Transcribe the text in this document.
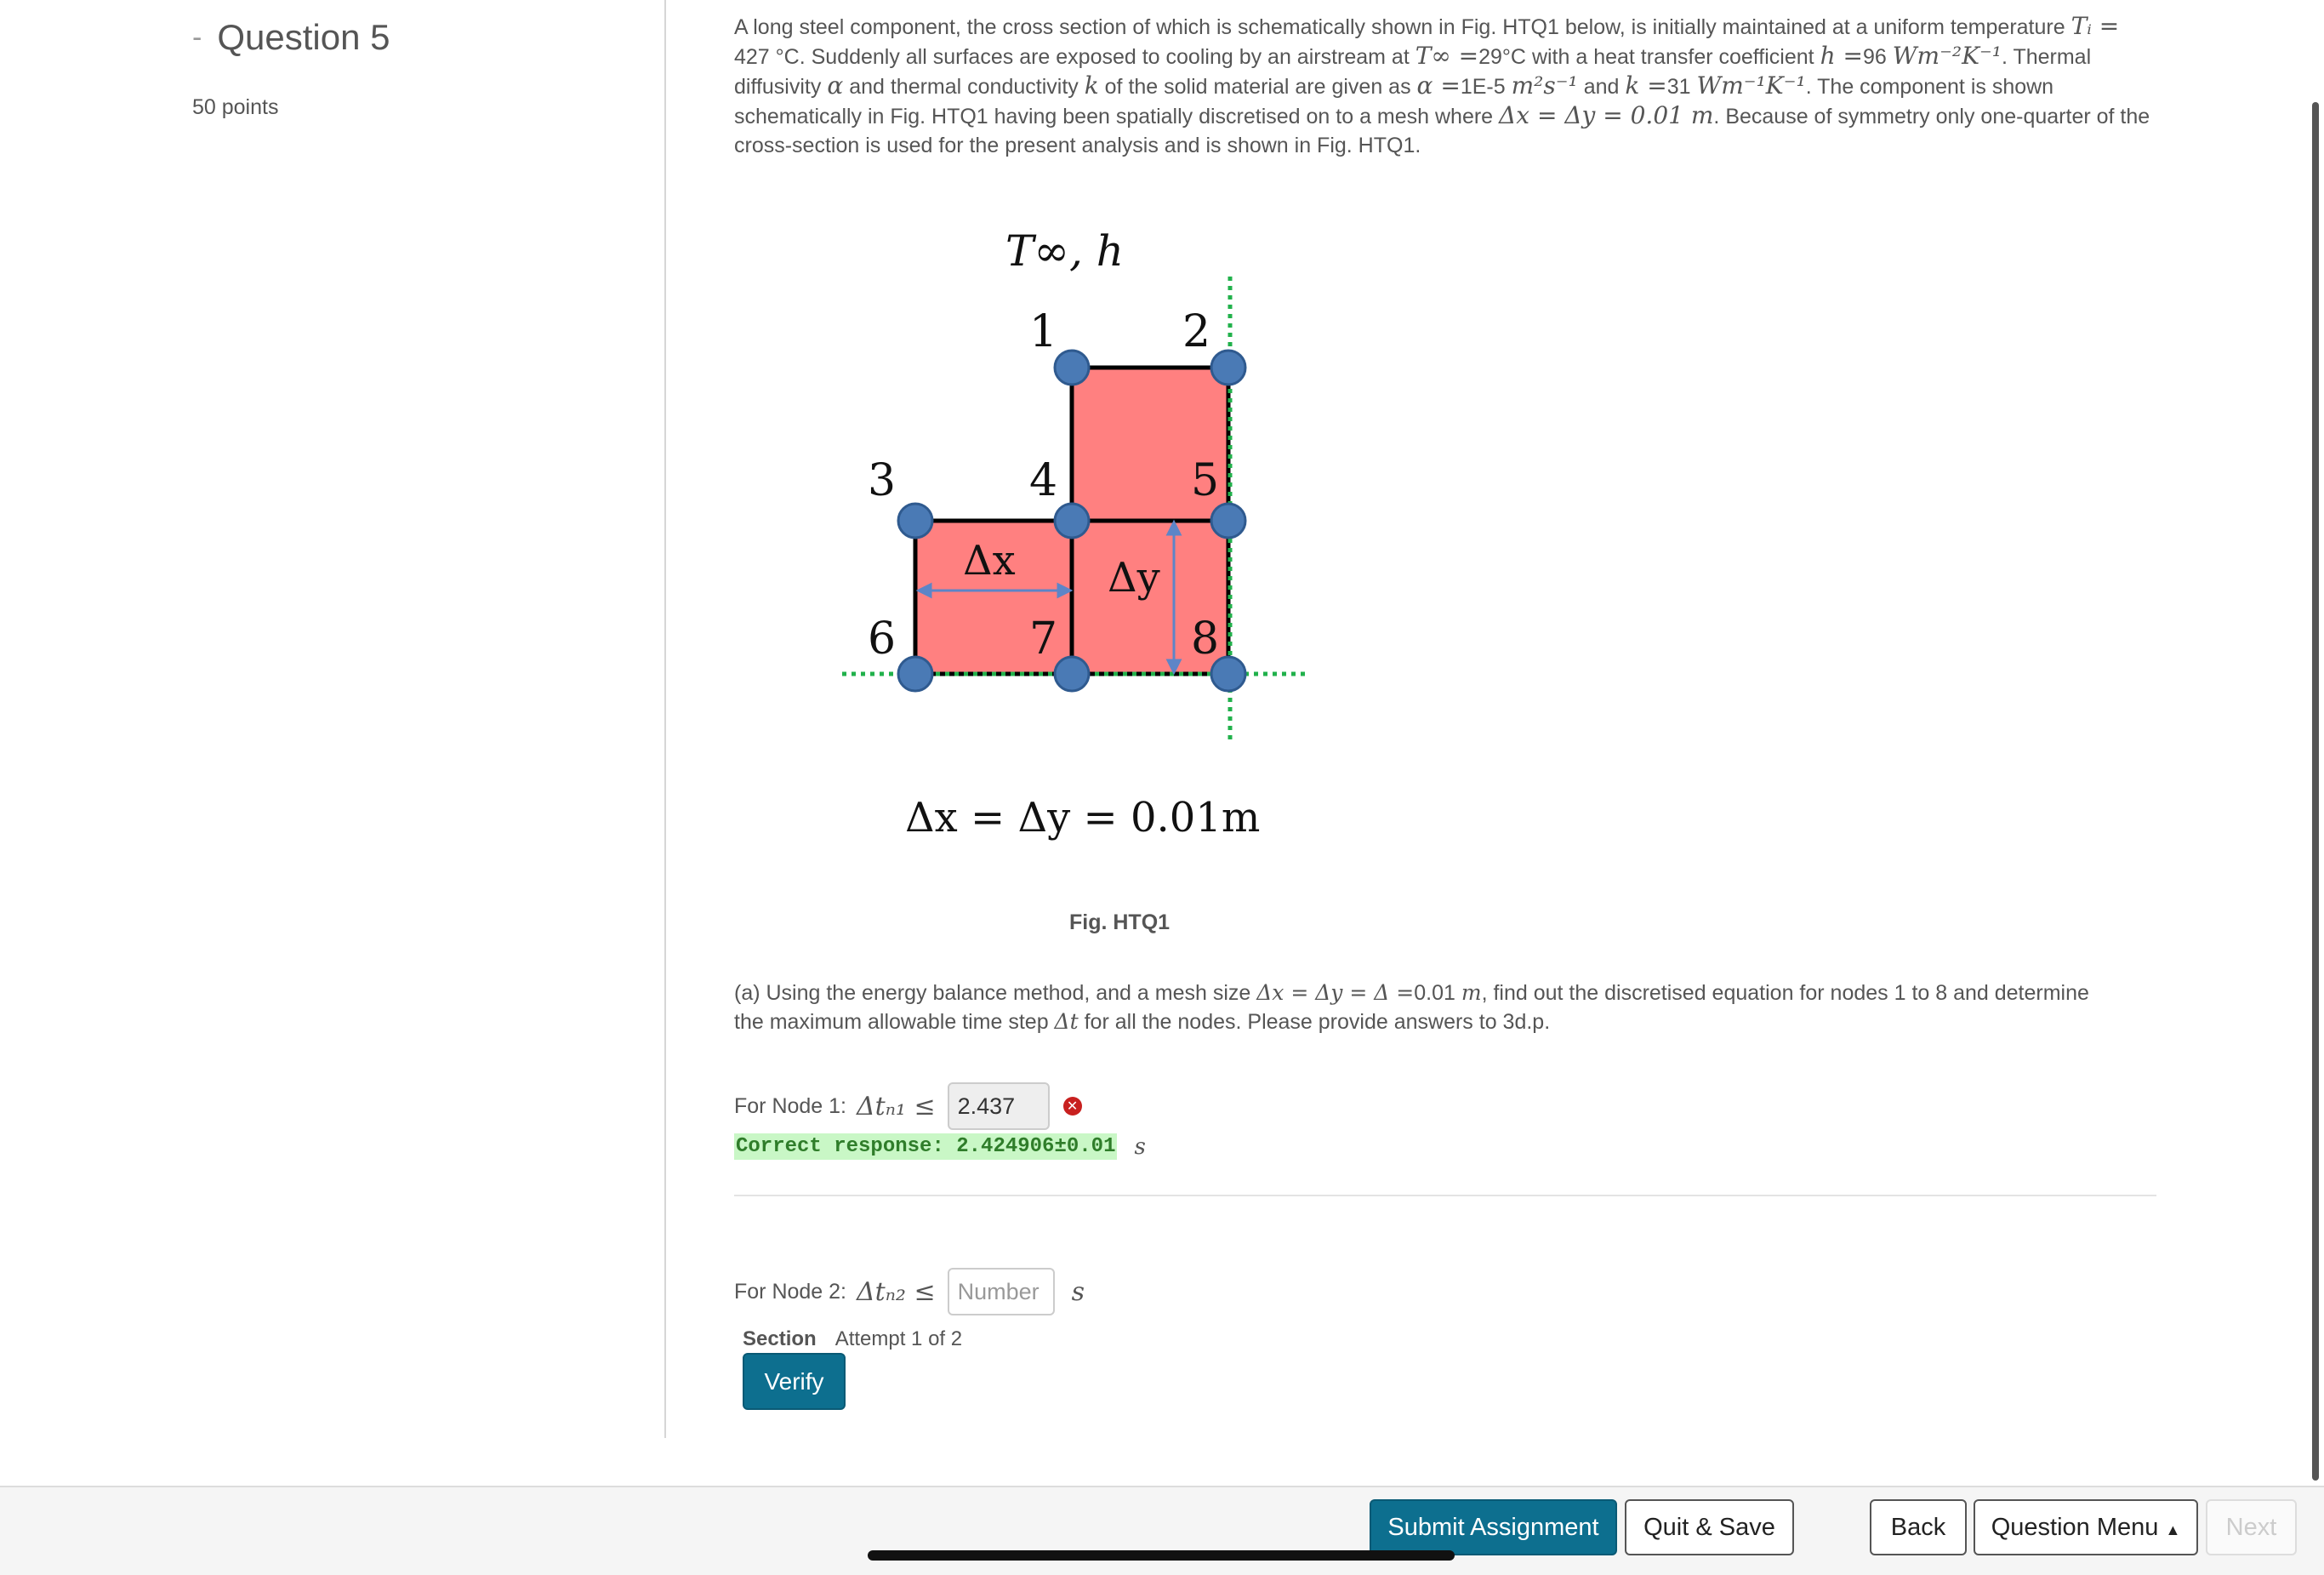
- Question 5
50 points
A long steel component, the cross section of which is schematically shown in Fig. HTQ1 below, is initially maintained at a uniform temperature Tᵢ = 427 °C. Suddenly all surfaces are exposed to cooling by an airstream at T∞ =29°C with a heat transfer coefficient h =96 Wm⁻²K⁻¹. Thermal diffusivity α and thermal conductivity k of the solid material are given as α =1E-5 m²s⁻¹ and k =31 Wm⁻¹K⁻¹. The component is shown schematically in Fig. HTQ1 having been spatially discretised on to a mesh where Δx = Δy = 0.01 m. Because of symmetry only one-quarter of the cross-section is used for the present analysis and is shown in Fig. HTQ1.
T∞, h
Δx Δy
1	2
3	4	5
6	7	8
Δx = Δy = 0.01m
Fig. HTQ1
(a) Using the energy balance method, and a mesh size Δx = Δy = Δ =0.01 m, find out the discretised equation for nodes 1 to 8 and determine the maximum allowable time step Δt for all the nodes. Please provide answers to 3d.p.
For Node 1: Δtₙ₁ ≤
2.437	✕
Correct response: 2.424906±0.01 s
For Node 2: Δtₙ₂ ≤
Number	s
Section Attempt 1 of 2
Verify
Submit Assignment	Quit & Save	Back	Question Menu ▲	Next
